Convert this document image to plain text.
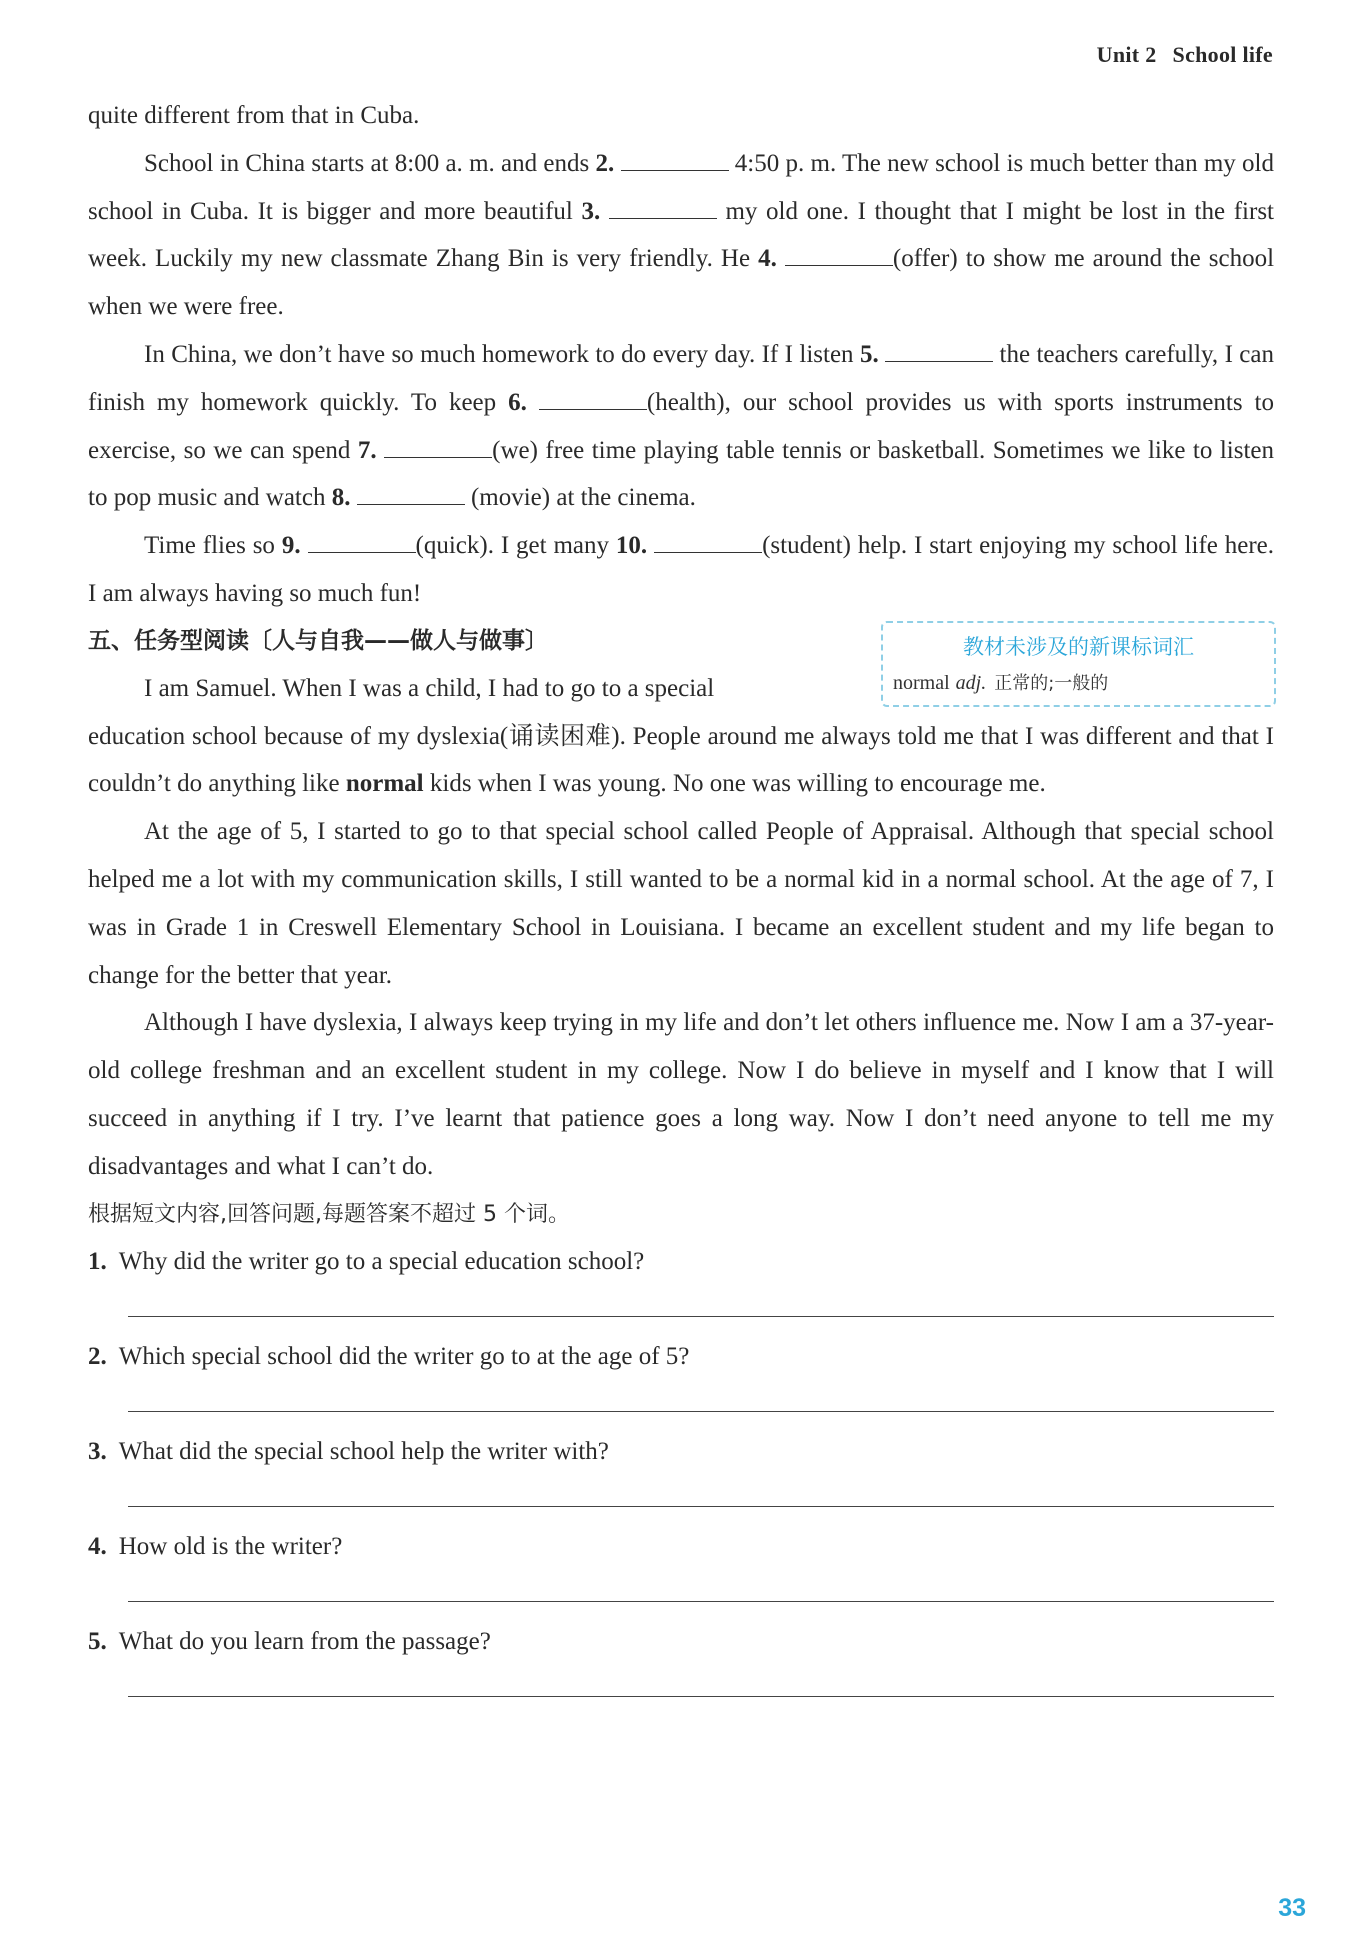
Unit 2 School life

quite different from that in Cuba.

School in China starts at 8:00 a. m. and ends 2.	4:50 p. m. The new school is much better than my old school in Cuba. It is bigger and more beautiful 3.	my old one. I thought that I might be lost in the first week. Luckily my new classmate Zhang Bin is very friendly. He 4.	(offer) to show me around the school when we were free.

In China, we don’t have so much homework to do every day. If I listen 5.	the teachers carefully, I can finish my homework quickly. To keep 6.	(health), our school provides us with sports instruments to exercise, so we can spend 7.	(we) free time playing table tennis or basketball. Sometimes we like to listen to pop music and watch 8.	(movie) at the cinema.

Time flies so 9.	(quick). I get many 10.	(student) help. I start enjoying my school life here. I am always having so much fun!

五、任务型阅读〔人与自我——做人与做事〕	教材未涉及的新课标词汇
normal adj. 正常的;一般的

I am Samuel. When I was a child, I had to go to a special

education school because of my dyslexia(诵读困难). People around me always told me that I was different and that I couldn’t do anything like normal kids when I was young. No one was willing to encourage me.

At the age of 5, I started to go to that special school called People of Appraisal. Although that special school helped me a lot with my communication skills, I still wanted to be a normal kid in a normal school. At the age of 7, I was in Grade 1 in Creswell Elementary School in Louisiana. I became an excellent student and my life began to change for the better that year.

Although I have dyslexia, I always keep trying in my life and don’t let others influence me. Now I am a 37-year-old college freshman and an excellent student in my college. Now I do believe in myself and I know that I will succeed in anything if I try. I’ve learnt that patience goes a long way. Now I don’t need anyone to tell me my disadvantages and what I can’t do.

根据短文内容,回答问题,每题答案不超过 5 个词。
1. Why did the writer go to a special education school?
2. Which special school did the writer go to at the age of 5?
3. What did the special school help the writer with?
4. How old is the writer?
5. What do you learn from the passage?
33
